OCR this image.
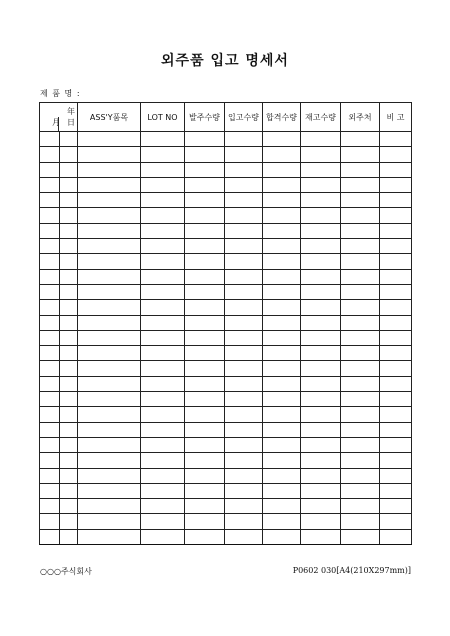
외주품 입고 명세서
제 품 명 :
年
月 日		ASS'Y품목	LOT NO	발주수량	입고수량	합격수량	재고수량	외주처	비 고

○○○주식회사	P0602 030[A4(210X297mm)]
